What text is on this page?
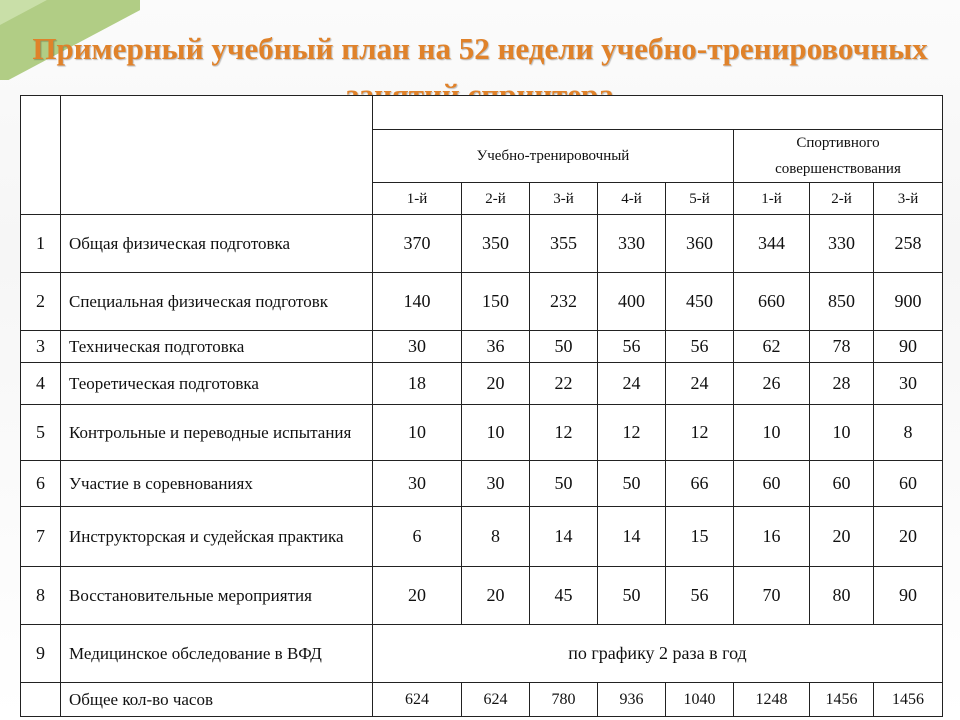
Примерный учебный план на 52 недели учебно-тренировочных

		Учебно-тренировочный					Спортивного совершенствования		
		1-й	2-й	3-й	4-й	5-й	1-й	2-й	3-й
1	Общая физическая подготовка	370	350	355	330	360	344	330	258
2	Специальная физическая подготовк	140	150	232	400	450	660	850	900
3	Техническая подготовка	30	36	50	56	56	62	78	90
4	Теоретическая подготовка	18	20	22	24	24	26	28	30
5	Контрольные и переводные испытания	10	10	12	12	12	10	10	8
6	Участие в соревнованиях	30	30	50	50	66	60	60	60
7	Инструкторская и судейская практика	6	8	14	14	15	16	20	20
8	Восстановительные мероприятия	20	20	45	50	56	70	80	90
9	Медицинское обследование в ВФД	по графику 2 раза в год							
	Общее кол-во часов	624	624	780	936	1040	1248	1456	1456
